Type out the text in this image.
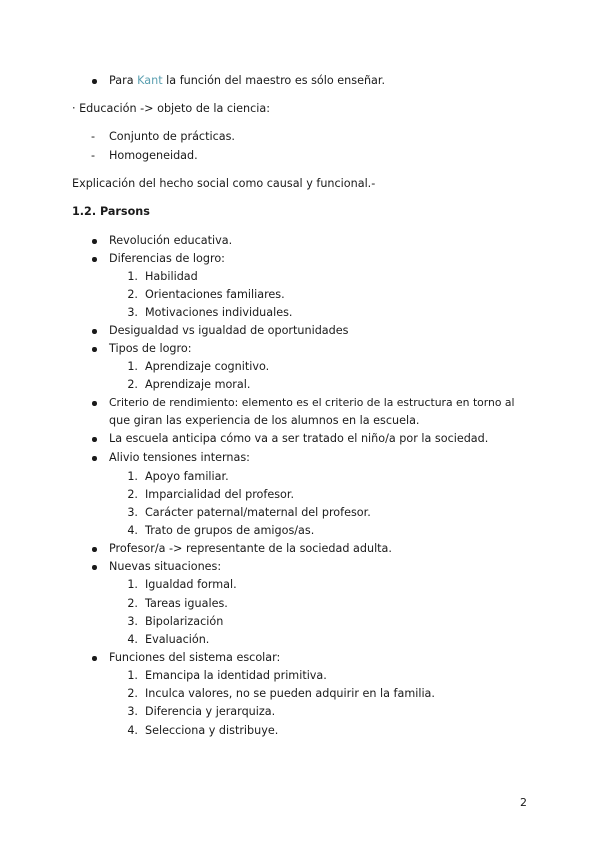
Para Kant la función del maestro es sólo enseñar.
· Educación -> objeto de la ciencia:
- Conjunto de prácticas.
- Homogeneidad.
Explicación del hecho social como causal y funcional.-
1.2. Parsons
Revolución educativa.
Diferencias de logro:
1. Habilidad
2. Orientaciones familiares.
3. Motivaciones individuales.
Desigualdad vs igualdad de oportunidades
Tipos de logro:
1. Aprendizaje cognitivo.
2. Aprendizaje moral.
Criterio de rendimiento: elemento es el criterio de la estructura en torno al
que giran las experiencia de los alumnos en la escuela.
La escuela anticipa cómo va a ser tratado el niño/a por la sociedad.
Alivio tensiones internas:
1. Apoyo familiar.
2. Imparcialidad del profesor.
3. Carácter paternal/maternal del profesor.
4. Trato de grupos de amigos/as.
Profesor/a -> representante de la sociedad adulta.
Nuevas situaciones:
1. Igualdad formal.
2. Tareas iguales.
3. Bipolarización
4. Evaluación.
Funciones del sistema escolar:
1. Emancipa la identidad primitiva.
2. Inculca valores, no se pueden adquirir en la familia.
3. Diferencia y jerarquiza.
4. Selecciona y distribuye.
2
